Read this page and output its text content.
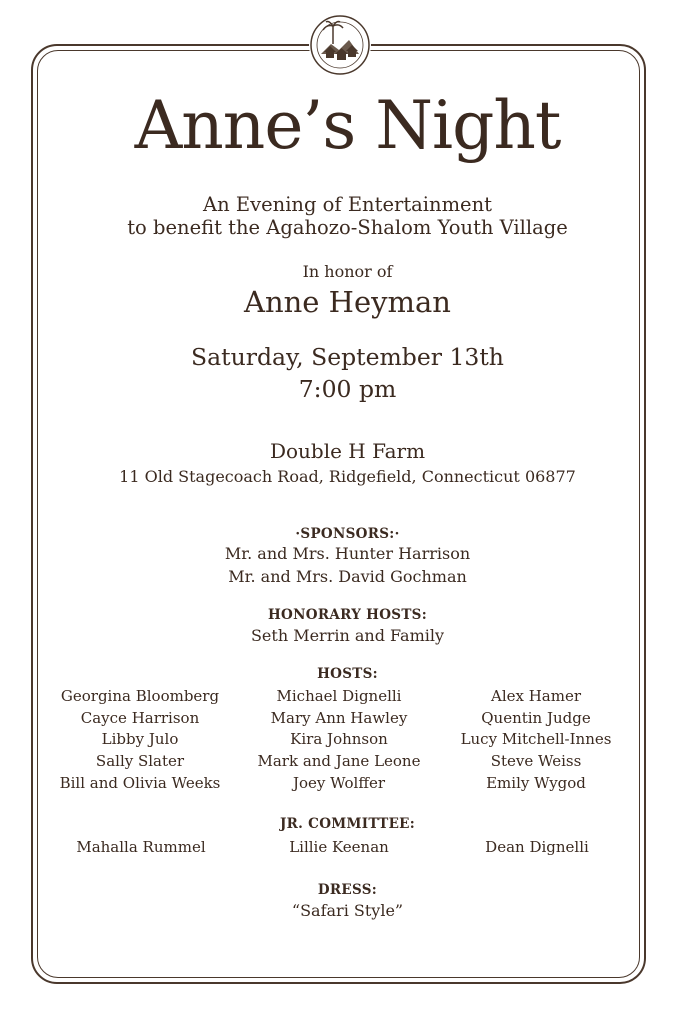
Anne’s Night
An Evening of Entertainment
to benefit the Agahozo-Shalom Youth Village
In honor of
Anne Heyman
Saturday, September 13th
7:00 pm
Double H Farm
11 Old Stagecoach Road, Ridgefield, Connecticut 06877
·SPONSORS:·
Mr. and Mrs. Hunter Harrison
Mr. and Mrs. David Gochman
HONORARY HOSTS:
Seth Merrin and Family
HOSTS:
Georgina Bloomberg
Cayce Harrison
Libby Julo
Sally Slater
Bill and Olivia Weeks
Michael Dignelli
Mary Ann Hawley
Kira Johnson
Mark and Jane Leone
Joey Wolffer
Alex Hamer
Quentin Judge
Lucy Mitchell-Innes
Steve Weiss
Emily Wygod
JR. COMMITTEE:
Mahalla Rummel	Lillie Keenan	Dean Dignelli
DRESS:
“Safari Style”
